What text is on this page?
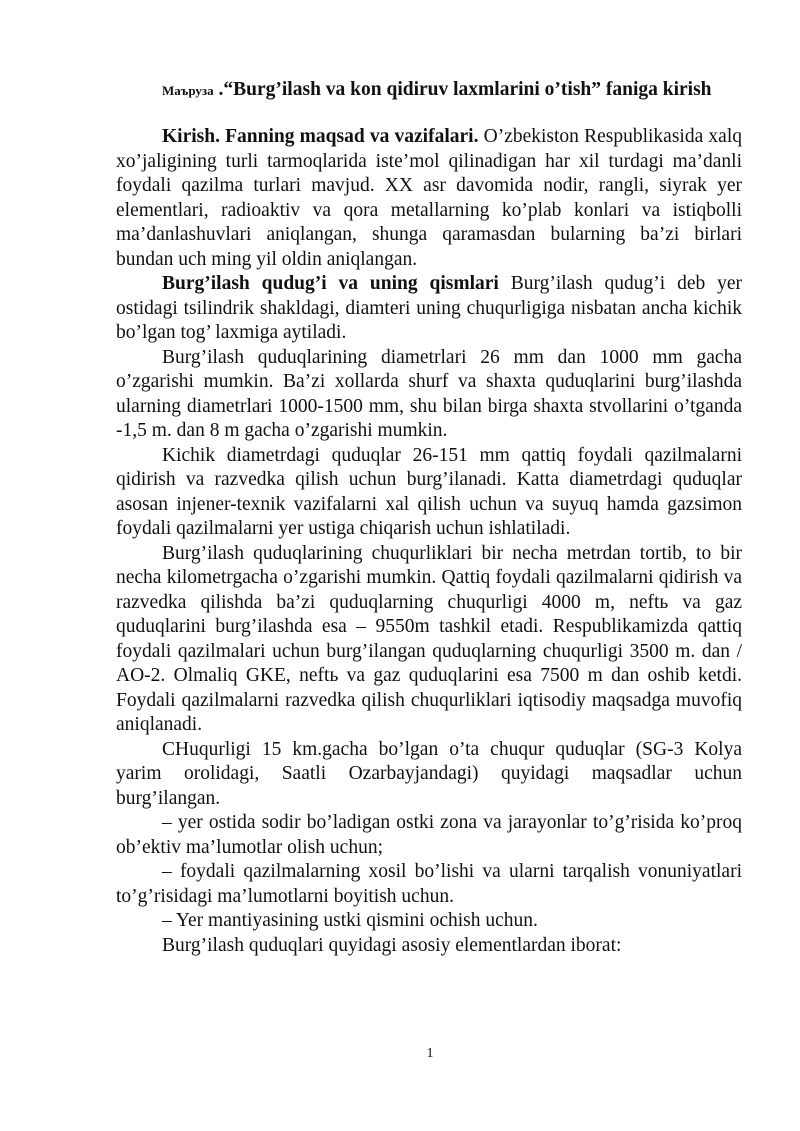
Маъруза .“Burg’ilash va kon qidiruv laxmlarini o’tish” faniga kirish

Kirish. Fanning maqsad va vazifalari. O’zbekiston Respublikasida xalq xo’jaligining turli tarmoqlarida iste’mol qilinadigan har xil turdagi ma’danli foydali qazilma turlari mavjud. XX asr davomida nodir, rangli, siyrak yer elementlari, radioaktiv va qora metallarning ko’plab konlari va istiqbolli ma’danlashuvlari aniqlangan, shunga qaramasdan bularning ba’zi birlari bundan uch ming yil oldin aniqlangan.

Burg’ilash qudug’i va uning qismlari Burg’ilash qudug’i deb yer ostidagi tsilindrik shakldagi, diamteri uning chuqurligiga nisbatan ancha kichik bo’lgan tog’ laxmiga aytiladi.

Burg’ilash quduqlarining diametrlari 26 mm dan 1000 mm gacha o’zgarishi mumkin. Ba’zi xollarda shurf va shaxta quduqlarini burg’ilashda ularning diametrlari 1000-1500 mm, shu bilan birga shaxta stvollarini o’tganda -1,5 m. dan 8 m gacha o’zgarishi mumkin.

Kichik diametrdagi quduqlar 26-151 mm qattiq foydali qazilmalarni qidirish va razvedka qilish uchun burg’ilanadi. Katta diametrdagi quduqlar asosan injener-texnik vazifalarni xal qilish uchun va suyuq hamda gazsimon foydali qazilmalarni yer ustiga chiqarish uchun ishlatiladi.

Burg’ilash quduqlarining chuqurliklari bir necha metrdan tortib, to bir necha kilometrgacha o’zgarishi mumkin. Qattiq foydali qazilmalarni qidirish va razvedka qilishda ba’zi quduqlarning chuqurligi 4000 m, neftь va gaz quduqlarini burg’ilashda esa – 9550m tashkil etadi. Respublikamizda qattiq foydali qazilmalari uchun burg’ilangan quduqlarning chuqurligi 3500 m. dan / AO-2. Olmaliq GKE, neftь va gaz quduqlarini esa 7500 m dan oshib ketdi. Foydali qazilmalarni razvedka qilish chuqurliklari iqtisodiy maqsadga muvofiq aniqlanadi.

CHuqurligi 15 km.gacha bo’lgan o’ta chuqur quduqlar (SG-3 Kolya yarim orolidagi, Saatli Ozarbayjandagi) quyidagi maqsadlar uchun burg’ilangan.

– yer ostida sodir bo’ladigan ostki zona va jarayonlar to’g’risida ko’proq ob’ektiv ma’lumotlar olish uchun;

– foydali qazilmalarning xosil bo’lishi va ularni tarqalish vonuniyatlari to’g’risidagi ma’lumotlarni boyitish uchun.

– Yer mantiyasining ustki qismini ochish uchun.

Burg’ilash quduqlari quyidagi asosiy elementlardan iborat:

1
